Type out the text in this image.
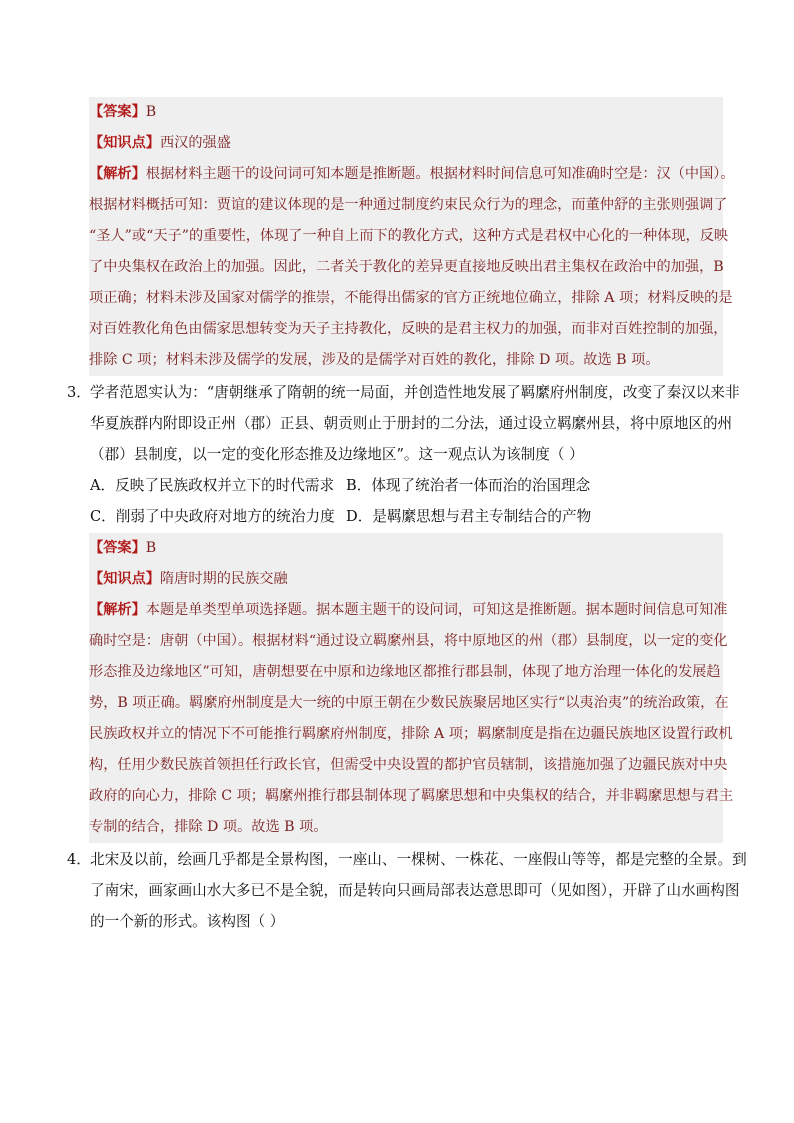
【答案】B
【知识点】西汉的强盛
【解析】根据材料主题干的设问词可知本题是推断题。根据材料时间信息可知准确时空是：汉（中国）。
根据材料概括可知：贾谊的建议体现的是一种通过制度约束民众行为的理念，而董仲舒的主张则强调了
“圣人”或“天子”的重要性，体现了一种自上而下的教化方式，这种方式是君权中心化的一种体现，反映
了中央集权在政治上的加强。因此，二者关于教化的差异更直接地反映出君主集权在政治中的加强，B
项正确；材料未涉及国家对儒学的推崇，不能得出儒家的官方正统地位确立，排除 A 项；材料反映的是
对百姓教化角色由儒家思想转变为天子主持教化，反映的是君主权力的加强，而非对百姓控制的加强，
排除 C 项；材料未涉及儒学的发展，涉及的是儒学对百姓的教化，排除 D 项。故选 B 项。
3． 学者范恩实认为：“唐朝继承了隋朝的统一局面，并创造性地发展了羁縻府州制度，改变了秦汉以来非
华夏族群内附即设正州（郡）正县、朝贡则止于册封的二分法，通过设立羁縻州县，将中原地区的州
（郡）县制度，以一定的变化形态推及边缘地区”。这一观点认为该制度（ ）
A．反映了民族政权并立下的时代需求 B．体现了统治者一体而治的治国理念
C．削弱了中央政府对地方的统治力度 D．是羁縻思想与君主专制结合的产物
【答案】B
【知识点】隋唐时期的民族交融
【解析】本题是单类型单项选择题。据本题主题干的设问词，可知这是推断题。据本题时间信息可知准
确时空是：唐朝（中国）。根据材料“通过设立羁縻州县，将中原地区的州（郡）县制度，以一定的变化
形态推及边缘地区”可知，唐朝想要在中原和边缘地区都推行郡县制，体现了地方治理一体化的发展趋
势，B 项正确。羁縻府州制度是大一统的中原王朝在少数民族聚居地区实行“以夷治夷”的统治政策，在
民族政权并立的情况下不可能推行羁縻府州制度，排除 A 项；羁縻制度是指在边疆民族地区设置行政机
构，任用少数民族首领担任行政长官，但需受中央设置的都护官员辖制，该措施加强了边疆民族对中央
政府的向心力，排除 C 项；羁縻州推行郡县制体现了羁縻思想和中央集权的结合，并非羁縻思想与君主
专制的结合，排除 D 项。故选 B 项。
4． 北宋及以前，绘画几乎都是全景构图，一座山、一棵树、一株花、一座假山等等，都是完整的全景。到
了南宋，画家画山水大多已不是全貌，而是转向只画局部表达意思即可（见如图），开辟了山水画构图
的一个新的形式。该构图（ ）
